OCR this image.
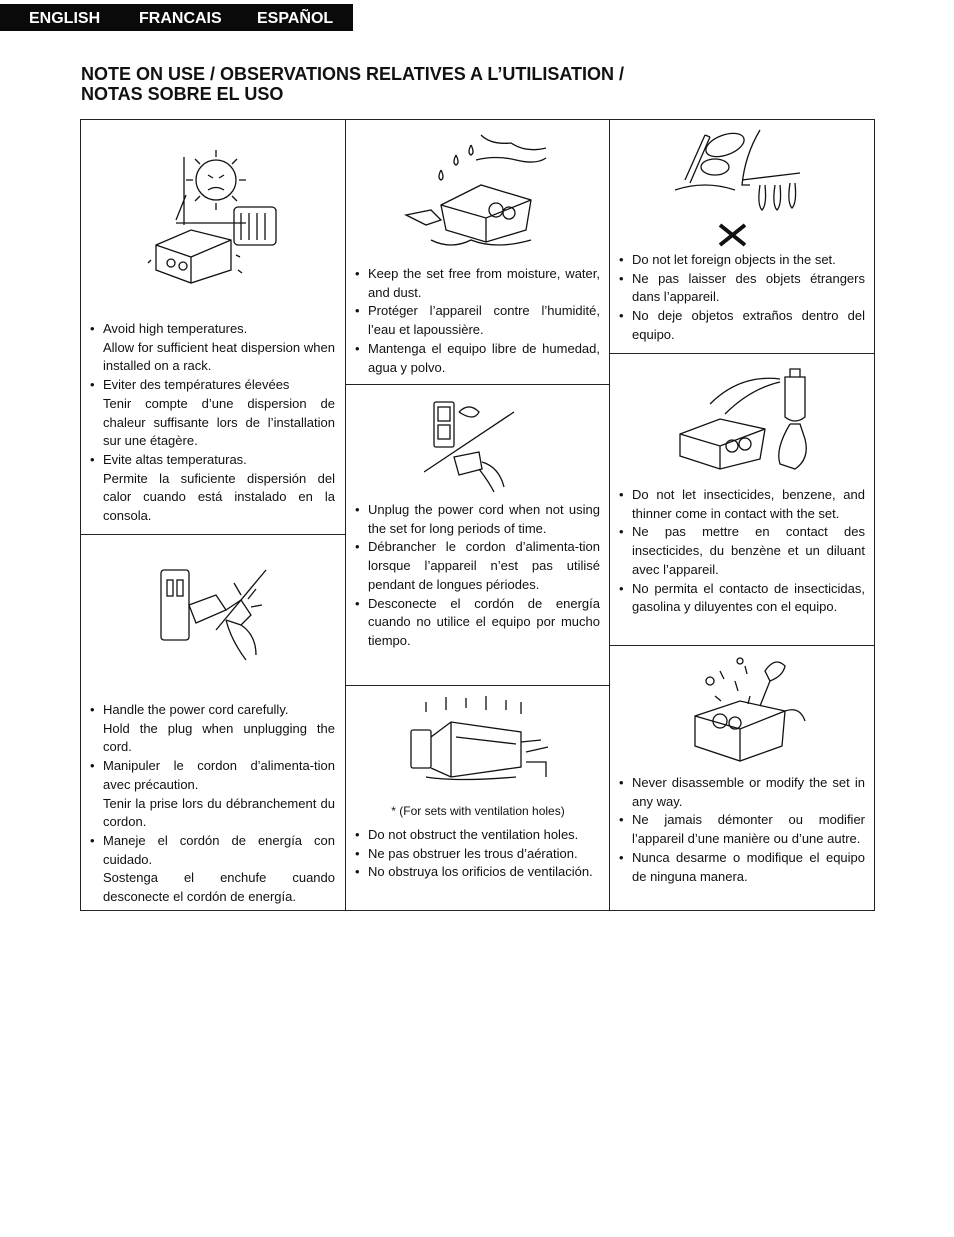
ENGLISH FRANCAIS ESPAÑOL
NOTE ON USE / OBSERVATIONS RELATIVES A L’UTILISATION /
NOTAS SOBRE EL USO
• Avoid high temperatures.
Allow for sufficient heat dispersion when installed on a rack.
• Eviter des températures élevées
Tenir compte d’une dispersion de chaleur suffisante lors de l’installation sur une étagère.
• Evite altas temperaturas.
Permite la suficiente dispersión del calor cuando está instalado en la consola.
• Handle the power cord carefully.
Hold the plug when unplugging the cord.
• Manipuler le cordon d’alimenta-tion avec précaution.
Tenir la prise lors du débranchement du cordon.
• Maneje el cordón de energía con cuidado.
Sostenga el enchufe cuando desconecte el cordón de energía.
• Keep the set free from moisture, water, and dust.
• Protéger l’appareil contre l’humidité, l’eau et lapoussière.
• Mantenga el equipo libre de humedad, agua y polvo.
• Unplug the power cord when not using the set for long periods of time.
• Débrancher le cordon d’alimenta-tion lorsque l’appareil n’est pas utilisé pendant de longues périodes.
• Desconecte el cordón de energía cuando no utilice el equipo por mucho tiempo.
* (For sets with ventilation holes)
• Do not obstruct the ventilation holes.
• Ne pas obstruer les trous d’aération.
• No obstruya los orificios de ventilación.
• Do not let foreign objects in the set.
• Ne pas laisser des objets étrangers dans l’appareil.
• No deje objetos extraños dentro del equipo.
• Do not let insecticides, benzene, and thinner come in contact with the set.
• Ne pas mettre en contact des insecticides, du benzène et un diluant avec l’appareil.
• No permita el contacto de insecticidas, gasolina y diluyentes con el equipo.
• Never disassemble or modify the set in any way.
• Ne jamais démonter ou modifier l’appareil d’une manière ou d’une autre.
• Nunca desarme o modifique el equipo de ninguna manera.
